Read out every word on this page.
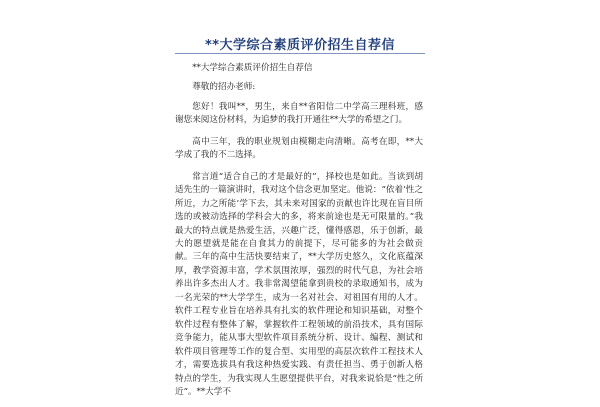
**大学综合素质评价招生自荐信

**大学综合素质评价招生自荐信

尊敬的招办老师:

您好！我叫**，男生，来自**省阳信二中学高三理科班，感谢您来阅这份材料，为追梦的我打开通往**大学的希望之门。

高中三年，我的职业规划由模糊走向清晰。高考在即，**大学成了我的不二选择。

常言道“适合自己的才是最好的”，择校也是如此。当读到胡适先生的一篇演讲时，我对这个信念更加坚定。他说：“依着‘性之所近，力之所能’学下去，其未来对国家的贡献也许比现在盲目所选的或被动选择的学科会大的多，将来前途也是无可限量的。”我最大的特点就是热爱生活，兴趣广泛，懂得感恩，乐于创新，最大的愿望就是能在自食其力的前提下，尽可能多的为社会做贡献。三年的高中生活快要结束了，**大学历史悠久，文化底蕴深厚，教学资源丰富，学术氛围浓厚，强烈的时代气息，为社会培养出许多杰出人才。我非常渴望能拿到贵校的录取通知书，成为一名光荣的**大学学生，成为一名对社会、对祖国有用的人才。软件工程专业旨在培养具有扎实的软件理论和知识基础，对整个软件过程有整体了解，掌握软件工程领域的前沿技术，具有国际竞争能力，能从事大型软件项目系统分析、设计、编程、测试和软件项目管理等工作的复合型、实用型的高层次软件工程技术人才，需要选拔具有我这种热爱实践、有责任担当、勇于创新人格特点的学生，为我实现人生愿望提供平台，对我来说恰是“性之所近”。**大学不
